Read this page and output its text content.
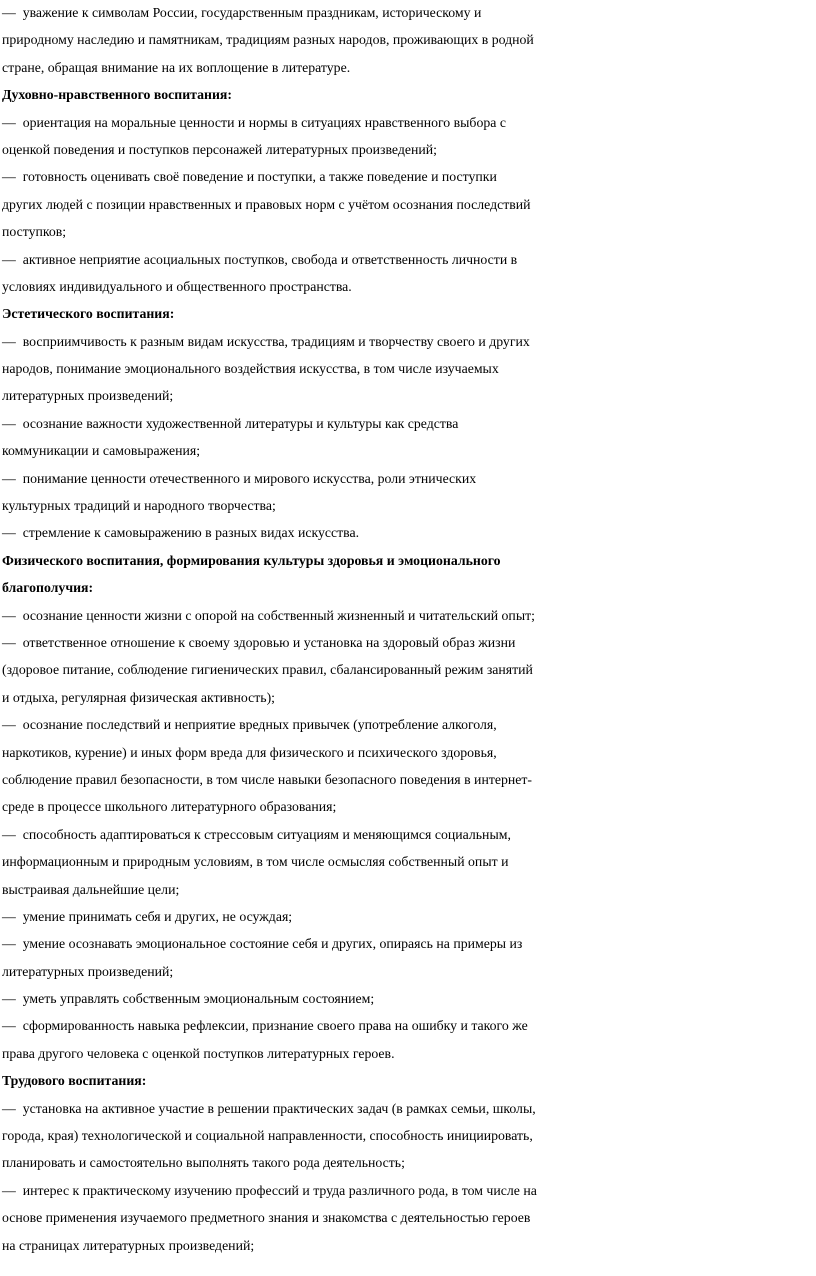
—  уважение к символам России, государственным праздникам, историческому и
природному наследию и памятникам, традициям разных народов, проживающих в родной
стране, обращая внимание на их воплощение в литературе.
Духовно-нравственного воспитания:
—  ориентация на моральные ценности и нормы в ситуациях нравственного выбора с
оценкой поведения и поступков персонажей литературных произведений;
—  готовность оценивать своё поведение и поступки, а также поведение и поступки
других людей с позиции нравственных и правовых норм с учётом осознания последствий
поступков;
—  активное неприятие асоциальных поступков, свобода и ответственность личности в
условиях индивидуального и общественного пространства.
Эстетического воспитания:
—  восприимчивость к разным видам искусства, традициям и творчеству своего и других
народов, понимание эмоционального воздействия искусства, в том числе изучаемых
литературных произведений;
—  осознание важности художественной литературы и культуры как средства
коммуникации и самовыражения;
—  понимание ценности отечественного и мирового искусства, роли этнических
культурных традиций и народного творчества;
—  стремление к самовыражению в разных видах искусства.
Физического воспитания, формирования культуры здоровья и эмоционального
благополучия:
—  осознание ценности жизни с опорой на собственный жизненный и читательский опыт;
—  ответственное отношение к своему здоровью и установка на здоровый образ жизни
(здоровое питание, соблюдение гигиенических правил, сбалансированный режим занятий
и отдыха, регулярная физическая активность);
—  осознание последствий и неприятие вредных привычек (употребление алкоголя,
наркотиков, курение) и иных форм вреда для физического и психического здоровья,
соблюдение правил безопасности, в том числе навыки безопасного поведения в интернет-
среде в процессе школьного литературного образования;
—  способность адаптироваться к стрессовым ситуациям и меняющимся социальным,
информационным и природным условиям, в том числе осмысляя собственный опыт и
выстраивая дальнейшие цели;
—  умение принимать себя и других, не осуждая;
—  умение осознавать эмоциональное состояние себя и других, опираясь на примеры из
литературных произведений;
—  уметь управлять собственным эмоциональным состоянием;
—  сформированность навыка рефлексии, признание своего права на ошибку и такого же
права другого человека с оценкой поступков литературных героев.
Трудового воспитания:
—  установка на активное участие в решении практических задач (в рамках семьи, школы,
города, края) технологической и социальной направленности, способность инициировать,
планировать и самостоятельно выполнять такого рода деятельность;
—  интерес к практическому изучению профессий и труда различного рода, в том числе на
основе применения изучаемого предметного знания и знакомства с деятельностью героев
на страницах литературных произведений;
